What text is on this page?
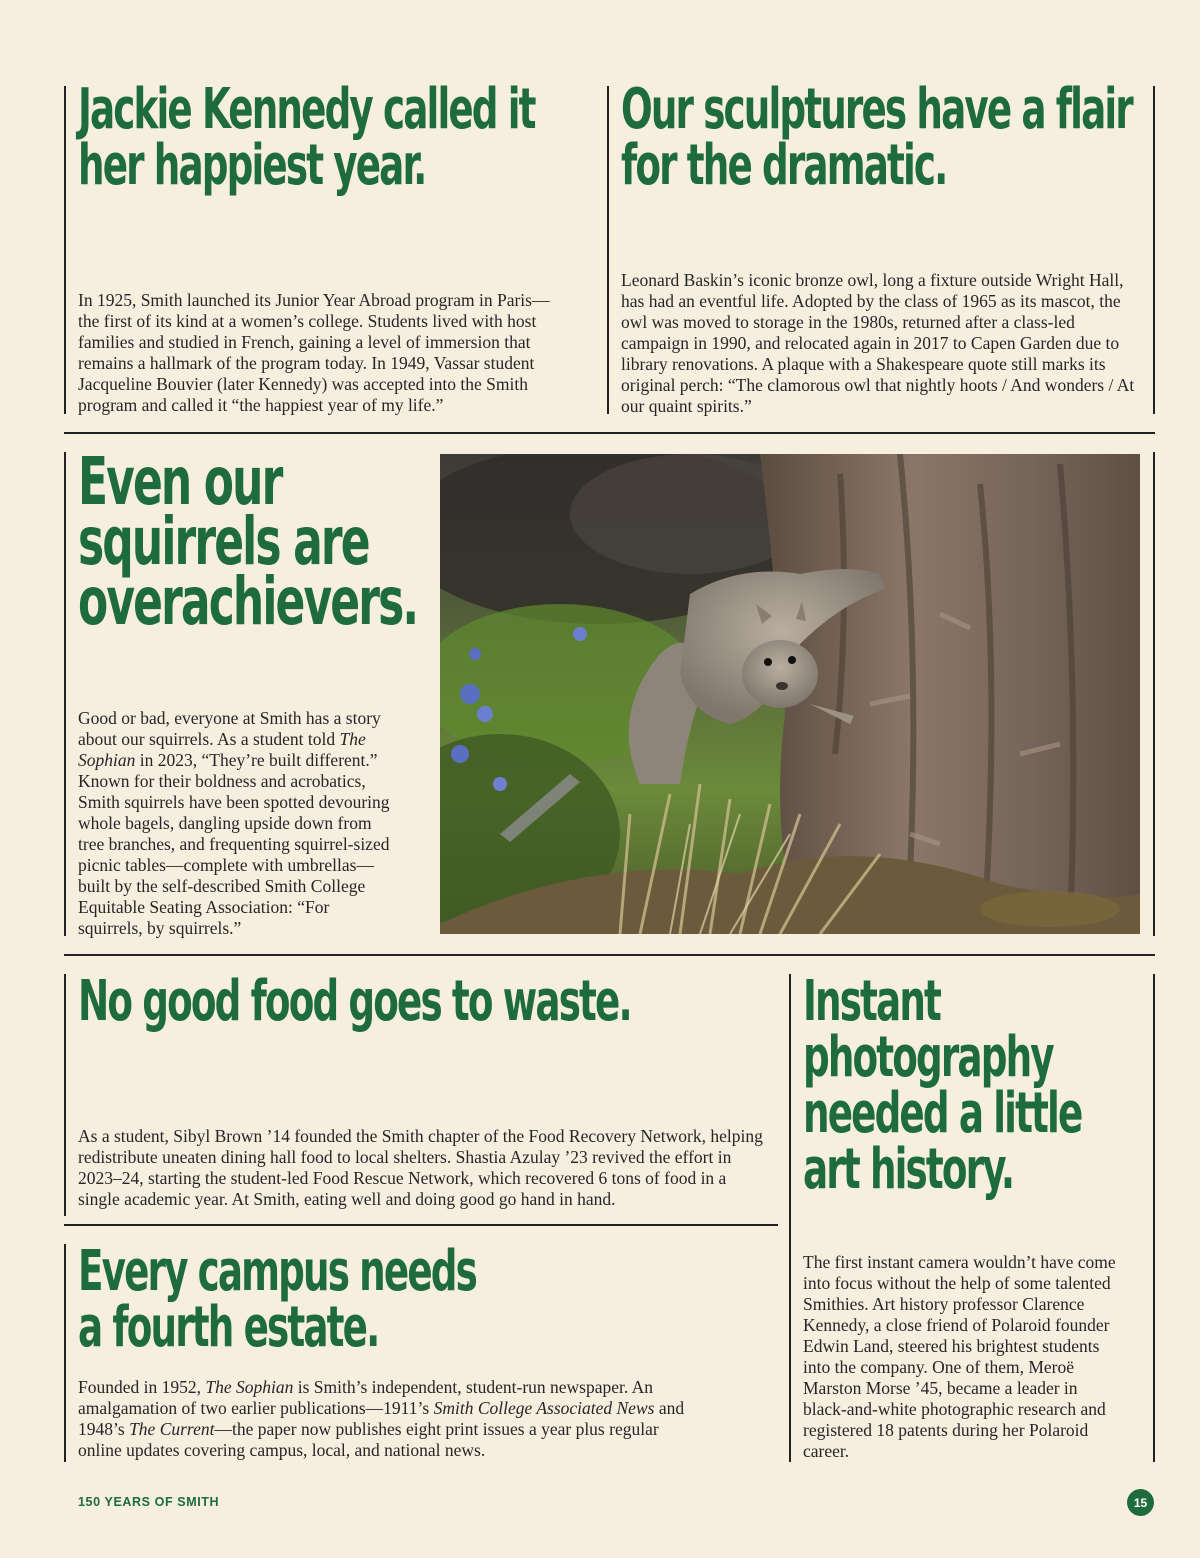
Jackie Kennedy called it
her happiest year.

In 1925, Smith launched its Junior Year Abroad program in Paris— the first of its kind at a women’s college. Students lived with host families and studied in French, gaining a level of immersion that remains a hallmark of the program today. In 1949, Vassar student Jacqueline Bouvier (later Kennedy) was accepted into the Smith program and called it “the happiest year of my life.”

Our sculptures have a flair
for the dramatic.

Leonard Baskin’s iconic bronze owl, long a fixture outside Wright Hall, has had an eventful life. Adopted by the class of 1965 as its mascot, the owl was moved to storage in the 1980s, returned after a class-led campaign in 1990, and relocated again in 2017 to Capen Garden due to library renovations. A plaque with a Shakespeare quote still marks its original perch: “The clamorous owl that nightly hoots / And wonders / At our quaint spirits.”

Even our
squirrels are
overachievers.

Good or bad, everyone at Smith has a story about our squirrels. As a student told The Sophian in 2023, “They’re built different.” Known for their boldness and acrobatics, Smith squirrels have been spotted devouring whole bagels, dangling upside down from tree branches, and frequenting squirrel-sized picnic tables—complete with umbrellas—built by the self-described Smith College Equitable Seating Association: “For squirrels, by squirrels.”

No good food goes to waste.

As a student, Sibyl Brown ’14 founded the Smith chapter of the Food Recovery Network, helping redistribute uneaten dining hall food to local shelters. Shastia Azulay ’23 revived the effort in 2023–24, starting the student-led Food Rescue Network, which recovered 6 tons of food in a single academic year. At Smith, eating well and doing good go hand in hand.

Every campus needs
a fourth estate.

Founded in 1952, The Sophian is Smith’s independent, student-run newspaper. An amalgamation of two earlier publications—1911’s Smith College Associated News and 1948’s The Current—the paper now publishes eight print issues a year plus regular online updates covering campus, local, and national news.

Instant
photography
needed a little
art history.

The first instant camera wouldn’t have come into focus without the help of some talented Smithies. Art history professor Clarence Kennedy, a close friend of Polaroid founder Edwin Land, steered his brightest students into the company. One of them, Meroë Marston Morse ’45, became a leader in black-and-white photographic research and registered 18 patents during her Polaroid career.

150 YEARS OF SMITH	15
